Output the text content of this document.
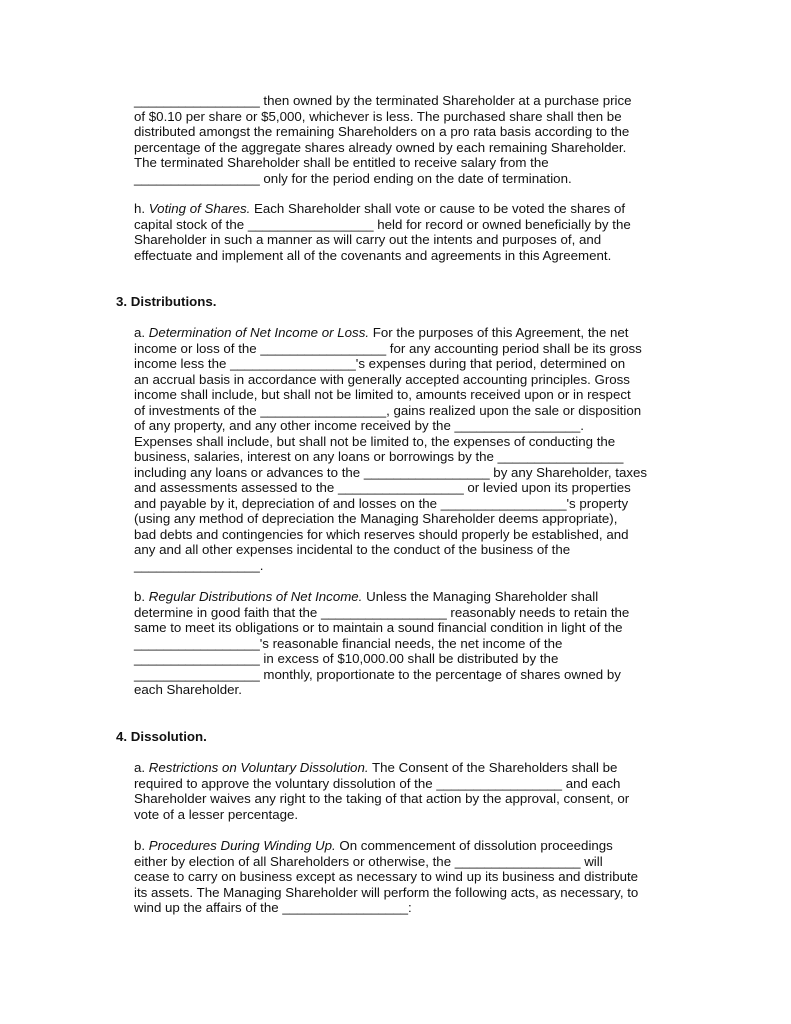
_________________ then owned by the terminated Shareholder at a purchase price
of $0.10 per share or $5,000, whichever is less. The purchased share shall then be
distributed amongst the remaining Shareholders on a pro rata basis according to the
percentage of the aggregate shares already owned by each remaining Shareholder.
The terminated Shareholder shall be entitled to receive salary from the
_________________ only for the period ending on the date of termination.
h. Voting of Shares. Each Shareholder shall vote or cause to be voted the shares of
capital stock of the _________________ held for record or owned beneficially by the
Shareholder in such a manner as will carry out the intents and purposes of, and
effectuate and implement all of the covenants and agreements in this Agreement.
3. Distributions.
a. Determination of Net Income or Loss. For the purposes of this Agreement, the net
income or loss of the _________________ for any accounting period shall be its gross
income less the _________________'s expenses during that period, determined on
an accrual basis in accordance with generally accepted accounting principles. Gross
income shall include, but shall not be limited to, amounts received upon or in respect
of investments of the _________________, gains realized upon the sale or disposition
of any property, and any other income received by the _________________.
Expenses shall include, but shall not be limited to, the expenses of conducting the
business, salaries, interest on any loans or borrowings by the _________________
including any loans or advances to the _________________ by any Shareholder, taxes
and assessments assessed to the _________________ or levied upon its properties
and payable by it, depreciation of and losses on the _________________'s property
(using any method of depreciation the Managing Shareholder deems appropriate),
bad debts and contingencies for which reserves should properly be established, and
any and all other expenses incidental to the conduct of the business of the
_________________.
b. Regular Distributions of Net Income. Unless the Managing Shareholder shall
determine in good faith that the _________________ reasonably needs to retain the
same to meet its obligations or to maintain a sound financial condition in light of the
_________________'s reasonable financial needs, the net income of the
_________________ in excess of $10,000.00 shall be distributed by the
_________________ monthly, proportionate to the percentage of shares owned by
each Shareholder.
4. Dissolution.
a. Restrictions on Voluntary Dissolution. The Consent of the Shareholders shall be
required to approve the voluntary dissolution of the _________________ and each
Shareholder waives any right to the taking of that action by the approval, consent, or
vote of a lesser percentage.
b. Procedures During Winding Up. On commencement of dissolution proceedings
either by election of all Shareholders or otherwise, the _________________ will
cease to carry on business except as necessary to wind up its business and distribute
its assets. The Managing Shareholder will perform the following acts, as necessary, to
wind up the affairs of the _________________:
